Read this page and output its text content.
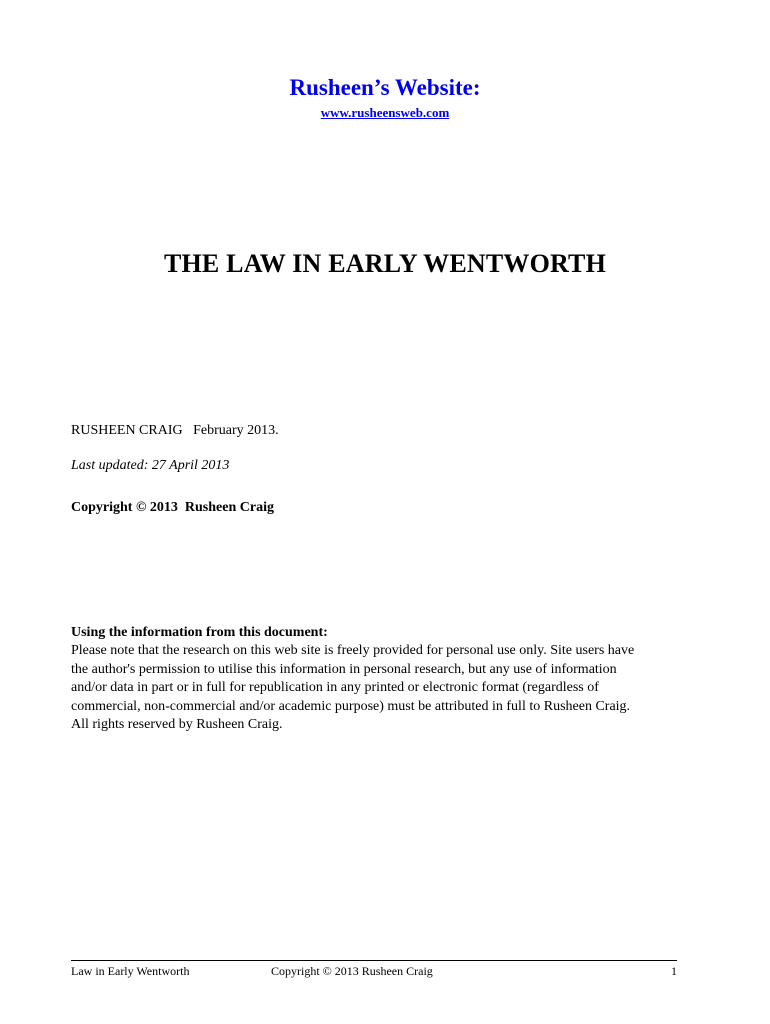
Rusheen’s Website:
www.rusheensweb.com
THE LAW IN EARLY WENTWORTH
RUSHEEN CRAIG   February 2013.
Last updated: 27 April 2013
Copyright © 2013  Rusheen Craig
Using the information from this document:
Please note that the research on this web site is freely provided for personal use only. Site users have
the author's permission to utilise this information in personal research, but any use of information
and/or data in part or in full for republication in any printed or electronic format (regardless of
commercial, non-commercial and/or academic purpose) must be attributed in full to Rusheen Craig.
All rights reserved by Rusheen Craig.
Law in Early Wentworth	Copyright © 2013 Rusheen Craig	1
